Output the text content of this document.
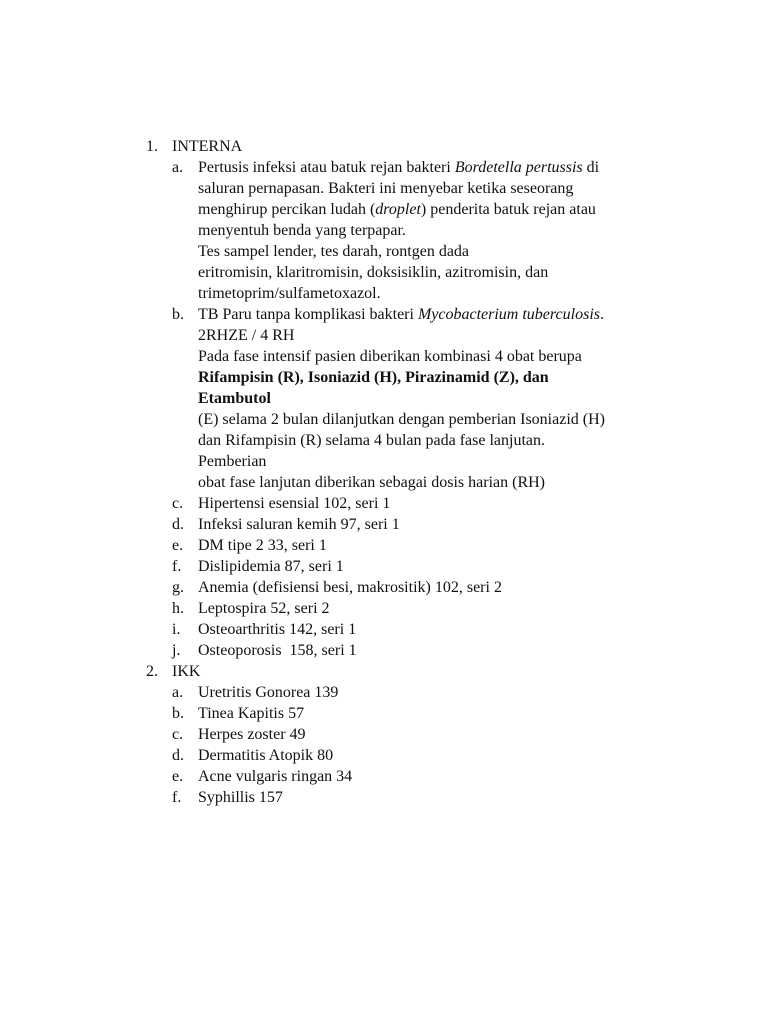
1. INTERNA
a. Pertusis infeksi atau batuk rejan bakteri Bordetella pertussis di
saluran pernapasan. Bakteri ini menyebar ketika seseorang
menghirup percikan ludah (droplet) penderita batuk rejan atau
menyentuh benda yang terpapar.
Tes sampel lender, tes darah, rontgen dada
eritromisin, klaritromisin, doksisiklin, azitromisin, dan
trimetoprim/sulfametoxazol.
b. TB Paru tanpa komplikasi bakteri Mycobacterium tuberculosis.
2RHZE / 4 RH
Pada fase intensif pasien diberikan kombinasi 4 obat berupa
Rifampisin (R), Isoniazid (H), Pirazinamid (Z), dan
Etambutol
(E) selama 2 bulan dilanjutkan dengan pemberian Isoniazid (H)
dan Rifampisin (R) selama 4 bulan pada fase lanjutan.
Pemberian
obat fase lanjutan diberikan sebagai dosis harian (RH)
c. Hipertensi esensial 102, seri 1
d. Infeksi saluran kemih 97, seri 1
e. DM tipe 2 33, seri 1
f. Dislipidemia 87, seri 1
g. Anemia (defisiensi besi, makrositik) 102, seri 2
h. Leptospira 52, seri 2
i. Osteoarthritis 142, seri 1
j. Osteoporosis  158, seri 1
2. IKK
a. Uretritis Gonorea 139
b. Tinea Kapitis 57
c. Herpes zoster 49
d. Dermatitis Atopik 80
e. Acne vulgaris ringan 34
f. Syphillis 157
